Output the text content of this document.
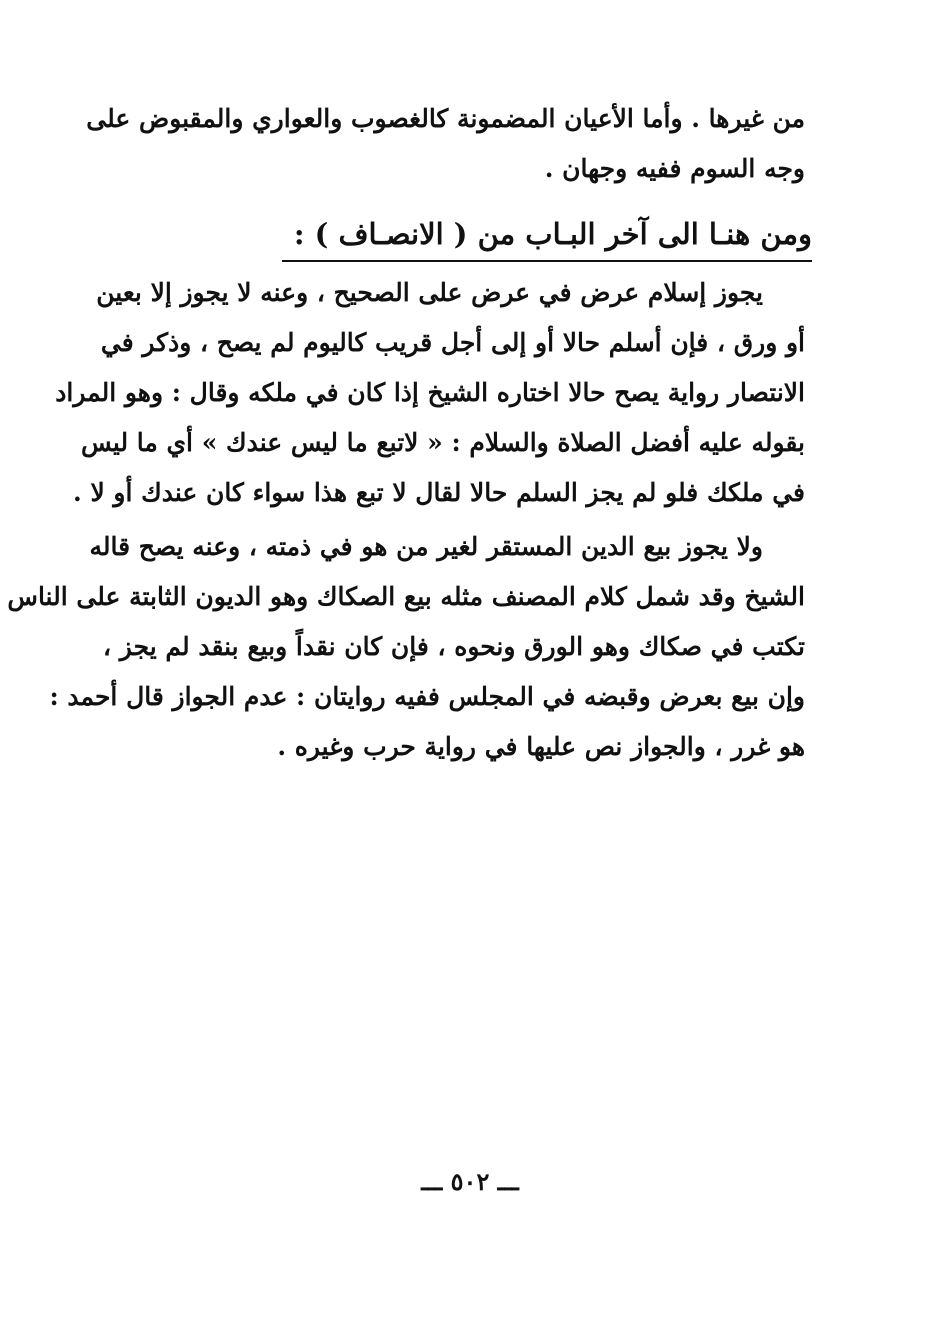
من غيرها . وأما الأعيان المضمونة كالغصوب والعواري والمقبوض على
وجه السوم ففيه وجهان .
ومن هنـا الى آخر البـاب من ( الانصـاف ) :
يجوز إسلام عرض في عرض على الصحيح ، وعنه لا يجوز إلا بعين
أو ورق ، فإن أسلم حالا أو إلى أجل قريب كاليوم لم يصح ، وذكر في
الانتصار رواية يصح حالا اختاره الشيخ إذا كان في ملكه وقال : وهو المراد
بقوله عليه أفضل الصلاة والسلام : « لاتبع ما ليس عندك » أي ما ليس
في ملكك فلو لم يجز السلم حالا لقال لا تبع هذا سواء كان عندك أو لا .
ولا يجوز بيع الدين المستقر لغير من هو في ذمته ، وعنه يصح قاله
الشيخ وقد شمل كلام المصنف مثله بيع الصكاك وهو الديون الثابتة على الناس
تكتب في صكاك وهو الورق ونحوه ، فإن كان نقداً وبيع بنقد لم يجز ،
وإن بيع بعرض وقبضه في المجلس ففيه روايتان : عدم الجواز قال أحمد :
هو غرر ، والجواز نص عليها في رواية حرب وغيره .
ـــ ٥٠٢ ـــ
